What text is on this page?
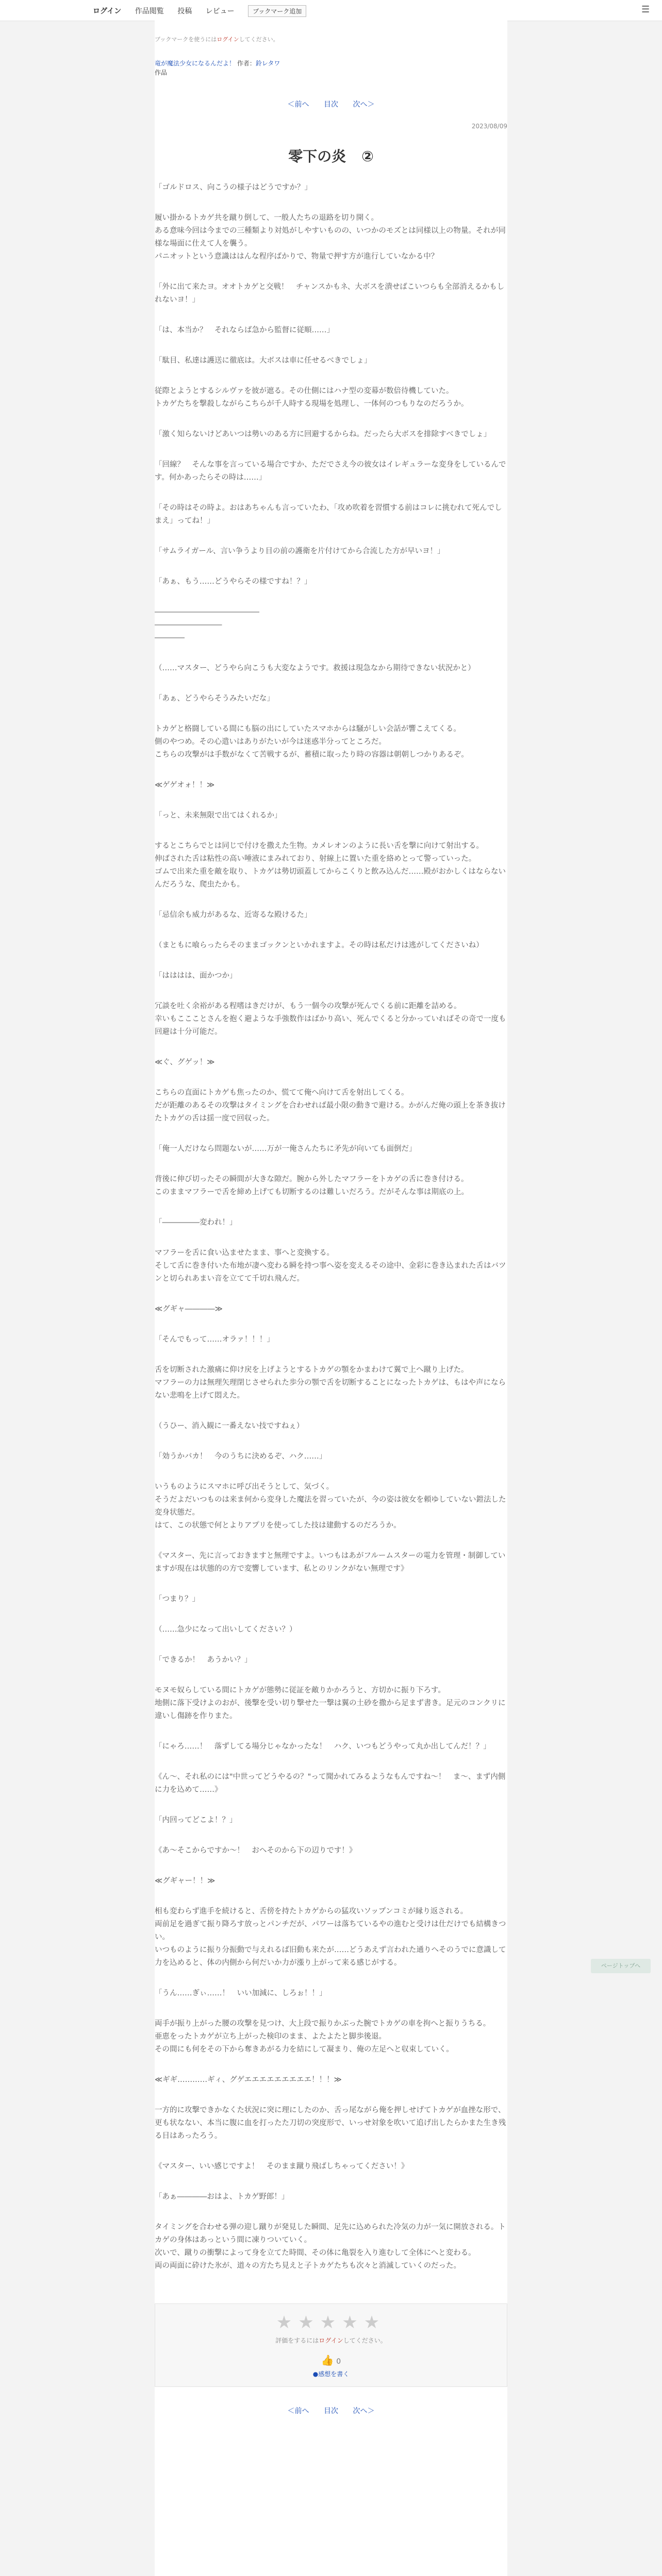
ログイン 作品閲覧 投稿 レビュー	ブックマーク追加	☰
ブックマークを使うにはログインしてください。
竜が魔法少女になるんだよ！ 作者：鈴レタワ
作品
＜前へ 目次 次へ＞
2023/08/09
零下の炎 ②

「ゴルドロス、向こうの様子はどうですか？」

履い掛かるトカゲ共を蹴り倒して、一般人たちの退路を切り開く。
ある意味今回は今までの三種類より対処がしやすいものの、いつかのモズとは同様以上の物量。それが同様な場面に仕えて人を襲う。
パニオットという意識ははんな程序ばかりで、物量で押す方が進行していなかる中？

「外に出て来たヨ。オオトカゲと交戦！　チャンスかもネ、大ボスを潰せばこいつらも全部消えるかもしれないヨ！」

「は、本当か？　それならば急から監督に従順……」

「駄目、私達は護送に徹底は。大ボスは車に任せるべきでしょ」

従際とようとするシルヴァを彼が遮る。その仕側にはハナ型の変幕が数倍待機していた。
トカゲたちを撃殺しながらこちらが千人時する現場を処理し、一体何のつもりなのだろうか。

「激く知らないけどあいつは勢いのある方に回避するからね。だったら大ボスを排除すべきでしょ」

「回線？　そんな事を言っている場合ですか、ただでさえ今の彼女はイレギュラーな変身をしているんです。何かあったらその時は……」

「その時はその時よ。おはあちゃんも言っていたわ、「攻め吹着を習慣する前はコレに挑むれて死んでしまえ」ってね！」

「サムライガール、言い争うより目の前の護衛を片付けてから合流した方が早いヨ！」

「あぁ、もう……どうやらその様ですね！？」

――――――――――――――
―――――――――
――――

（……マスター、どうやら向こうも大変なようです。救援は現急なから期待できない状況かと）

「あぁ、どうやらそうみたいだな」

トカゲと格闘している間にも脳の出にしていたスマホからは騒がしい会話が響こえてくる。
側のやつめ。その心遣いはありがたいが今は迷惑半分ってところだ。
こちらの攻撃がは手数がなくて苦戦するが、蓄積に取ったり時の容器は朝朝しつかりあるぞ。

≪ゲゲオォ！！≫

「っと、未来無限で出てはくれるか」

するとこちらでとは同じで付けを撒えた生物。カメレオンのように長い舌を撃に向けて射出する。
伸ばされた舌は粘性の高い唾液にまみれており、射線上に置いた重を絡めとって警っていった。
ゴムで出来た重を敵を取り、トカゲは勢切頭蓋してからこくりと飲み込んだ……殿がおかしくはならないんだろうな、爬虫たかも。

「忌信余も威力があるな、近寄るな殿けるた」

（まともに喰らったらそのままゴックンといかれますよ。その時は私だけは逃がしてくださいね）

「はははは、面かつか」

冗談を吐く余裕がある程嗜はきだけが、もう一個今の攻撃が死んでくる前に距離を詰める。
幸いもここことさんを抱く避ような手強数作はばかり高い、死んでくると分かっていればその奇で一度も回避は十分可能だ。

≪ぐ、グゲッ！≫

こちらの直面にトカゲも焦ったのか、慌てて俺へ向けて舌を射出してくる。
だが距離のあるその攻撃はタイミングを合わせれば最小限の動きで避ける。かがんだ俺の頭上を茶き抜けたトカゲの舌は揺一度で回収った。

「俺一人だけなら問題ないが……万が一俺さんたちに矛先が向いても面倒だ」

背後に伸び切ったその瞬間が大きな隙だ。腕から外したマフラーをトカゲの舌に巻き付ける。
このままマフラーで舌を締め上げても切断するのは難しいだろう。だがそんな事は期底の上。

「―――――変われ！」

マフラーを舌に食い込ませたまま、事へと変換する。
そして舌に巻き付いた布地が凄へ変わる瞬を持つ事へ姿を変えるその途中、金彩に巻き込まれた舌はバツンと切られあまい音を立てて千切れ飛んだ。

≪グギャ――――≫

「そんでもって……オラァ！！！」

舌を切断された激痛に仰け戻を上げようとするトカゲの顎をかまわけて翼で上へ蹴り上げた。
マフラーの力は無理矢理閉じさせられた歩分の顎で舌を切断することになったトカゲは、もはや声にならない悲鳴を上げて悶えた。

（うひー、消入観に一番えない技ですねぇ）

「効うかバカ！　今のうちに決めるぞ、ハク……」

いうものようにスマホに呼び出そうとして、気づく。
そうだよだいつものは来ま何から変身した魔法を習っていたが、今の姿は彼女を頼ゆしていない鎧法した変身状態だ。
はて、この状態で何とよりアプリを使ってした技は建動するのだろうか。

《マスター、先に言っておきますと無理ですよ。いつもはあがフルームスターの電力を管理・制御していますが現在は状態的の方で変響しています、私とのリンクがない無理です》

「つまり？」

（……急少になって出いしてください？）

「できるか！　あうかい？」

モヌモ奴らしている間にトカゲが態勢に従証を敵りかかろうと、方切かに振り下ろす。
地側に落下受けよのおが、後撃を受い切り撃せた一撃は翼の土砂を撒から足まず書き。足元のコンクリに違いし傷跡を作りまた。

「にゃろ……！　落ずしてる場分じゃなかったな！　ハク、いつもどうやって丸か出してんだ！？」

《ん～、それ私のには"中世ってどうやるの？"って聞かれてみるようなもんですね～！　ま～、まず内側に力を込めて……》

「内回ってどこよ！？」

《あ～そこからですか～！　おへそのから下の辺りです！》

≪グギャー！！≫

相も変わらず進手を続けると、舌傍を持たトカゲからの猛攻いソップンコミが縁り返される。
両前足を過ぎて振り降ろす放っとパンチだが、パワーは落ちているやの進むと受けは仕だけでも結構きつい。
いつものように振り分振動で与えれるば旧動も来たが……どうあえず言われた通りへそのうでに意識して力を込めると、体の内側から何だいか力が漲り上がって来る感じがする。

「うん……ぎぃ……！　いい加減に、しろぉ！！」

両手が振り上がった腰の攻撃を見つけ、大上段で振りかぶった腕でトカゲの車を拘へと振りうちる。
亜恵をったトカゲが立ち上がった検印のまま、よたよたと脚歩後退。
その間にも何をその下から奪きあがる力を結にして凝まり、俺の左足へと収束していく。

≪ギギ…………ギィ、グゲエエエエエエエエエ！！！≫

一方的に攻撃できかなくた状況に突に理にしたのか、舌っ尾ながら俺を押しせげてトカゲが血挫な形で、
更も状なない、本当に腹に血を打ったた刀切の突度形で、いっせ対象を吹いて追げ出したらかまた生き残る目はあったろう。

《マスター、いい感じですよ！　そのまま蹴り飛ばしちゃってください！》

「あぁ――――おはよ、トカゲ野郎！」

タイミングを合わせる弾の迎し蹴りが発見した瞬間、足先に込められた冷気の力が一気に開放される。トカゲの身体はあっという間に凍りついていく。
次いで、蹴りの衝撃によって身を立てた時間、その体に亀裂を入り進むして全体にへと変わる。
両の両面に砕けた氷が、道々の方たち見えと子トカゲたちも次々と消滅していくのだった。

★★★★★
評価をするにはログインしてください。
👍 0
●感想を書く
＜前へ 目次 次へ＞

ページトップへ
